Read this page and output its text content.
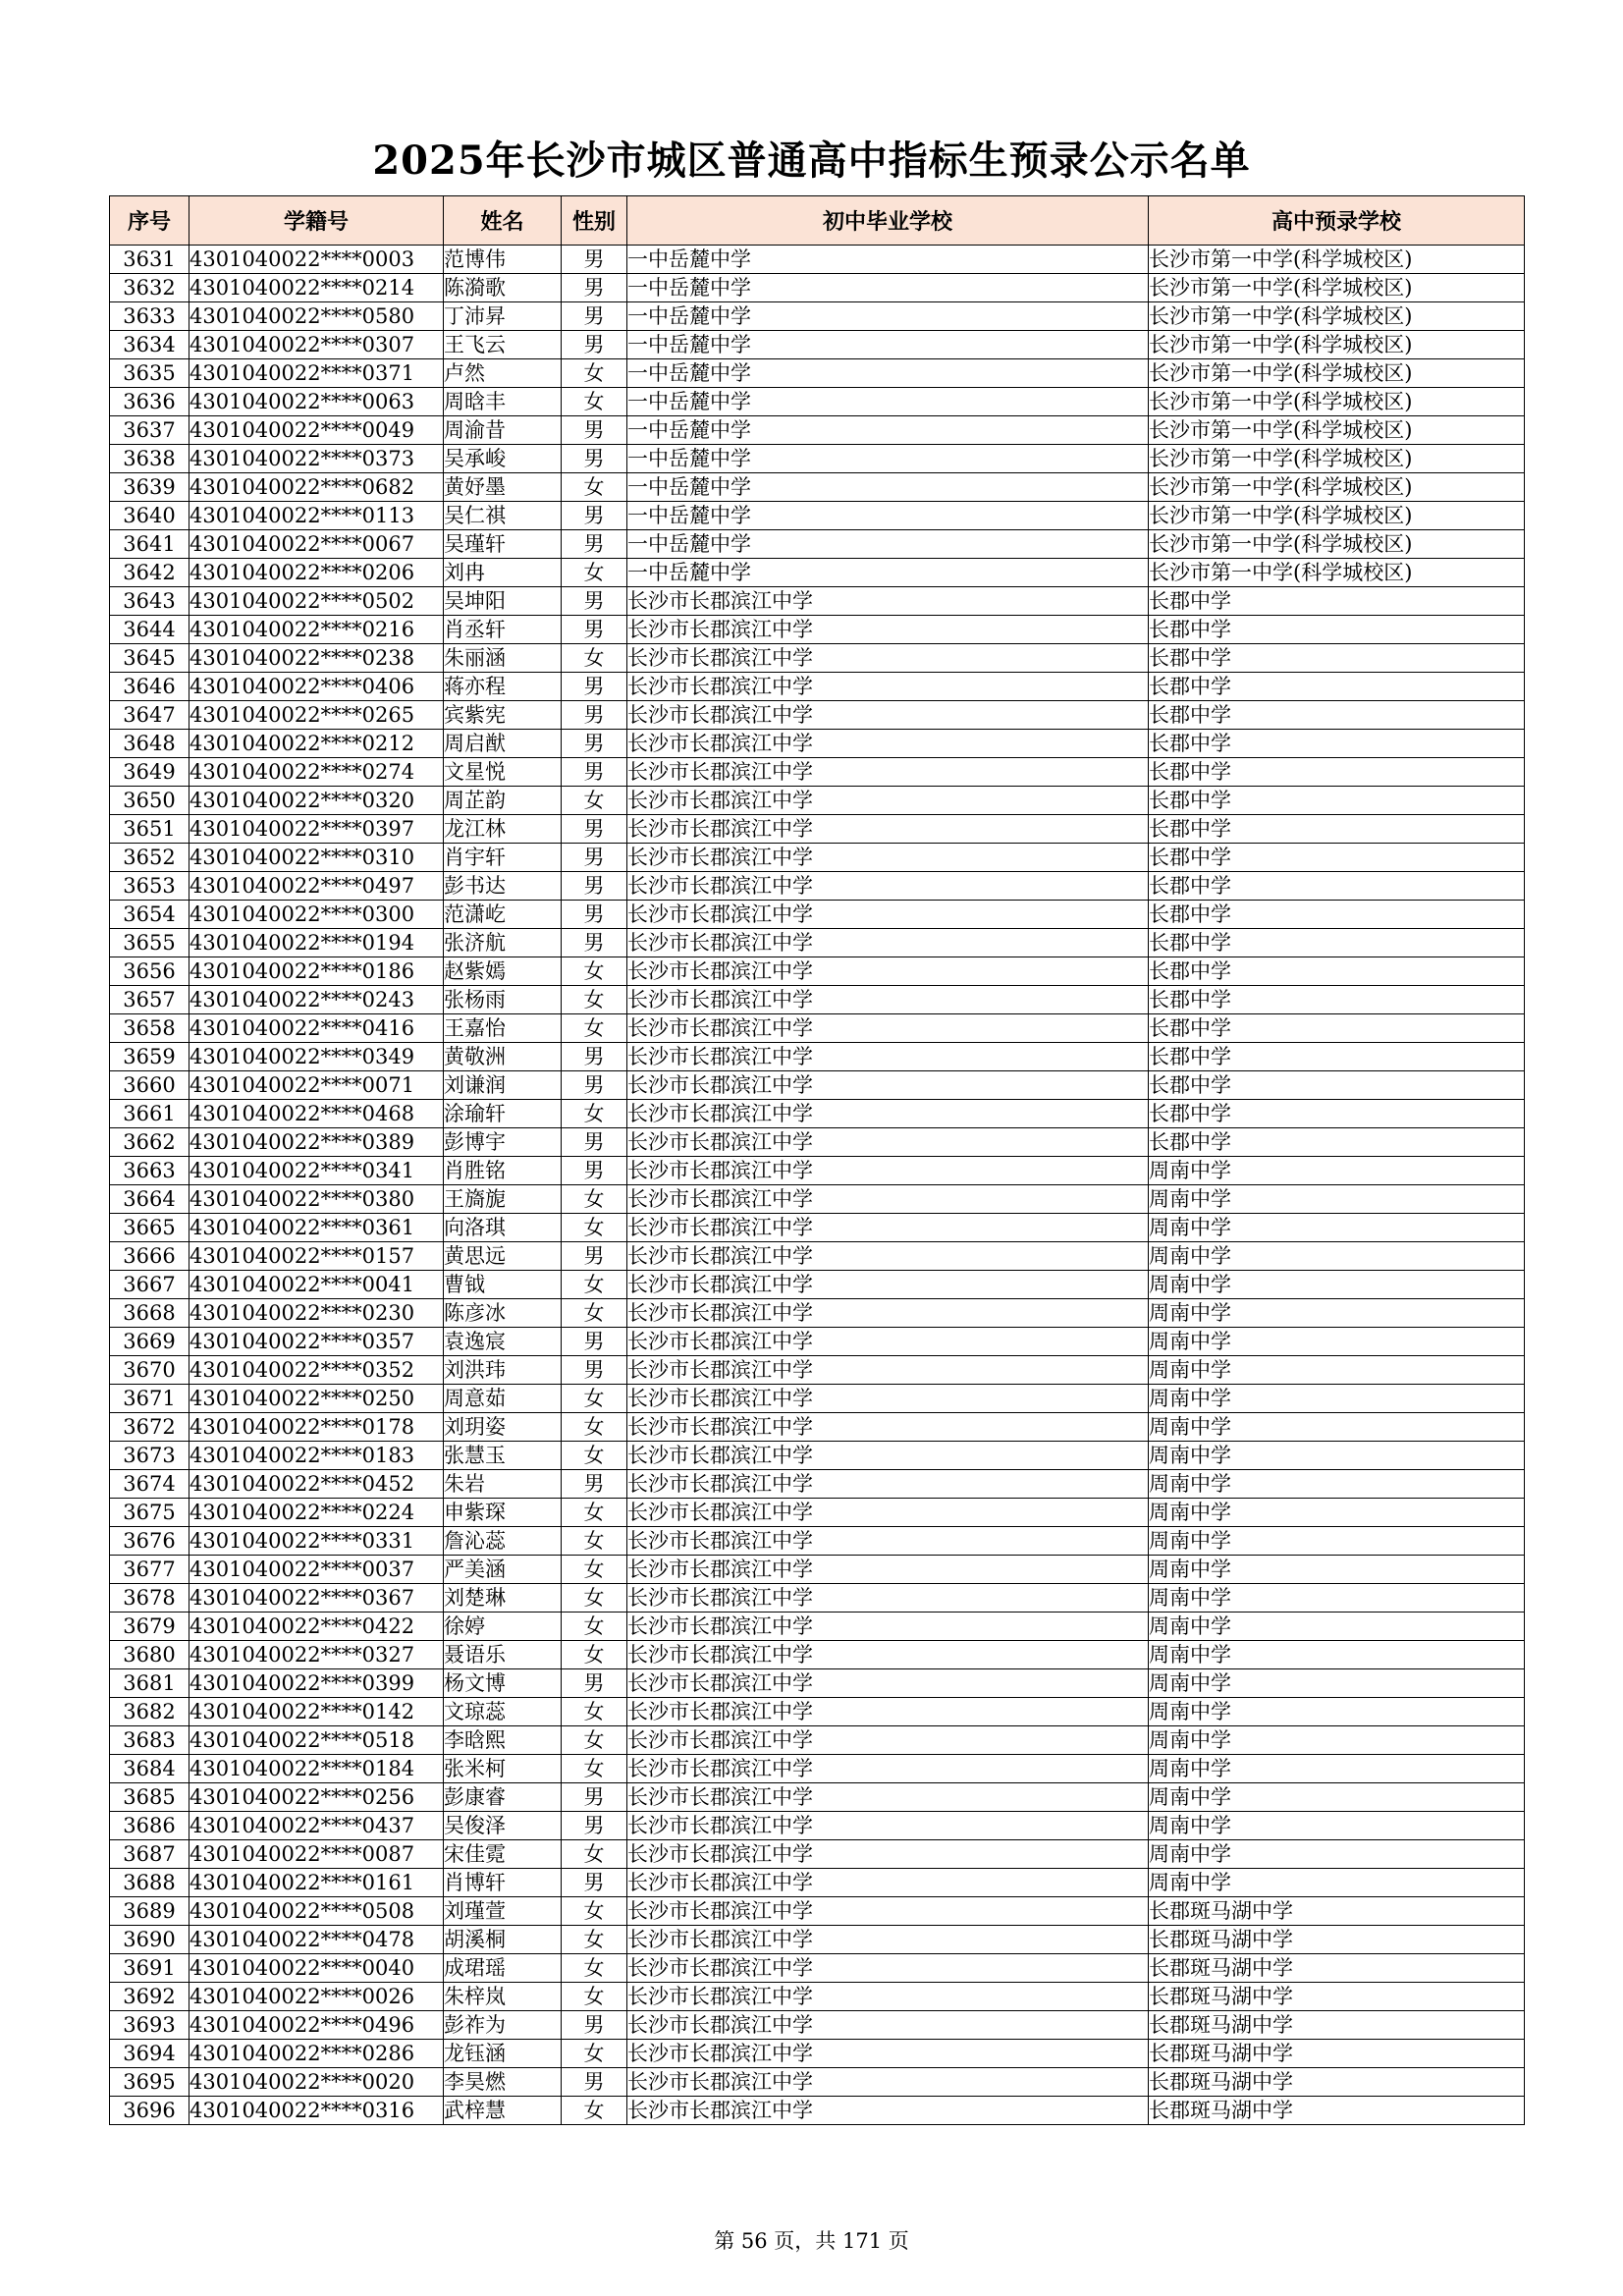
2025年长沙市城区普通高中指标生预录公示名单
序号	学籍号	姓名	性别	初中毕业学校	高中预录学校
3631	4301040022****0003	范博伟	男	一中岳麓中学	长沙市第一中学(科学城校区)
3632	4301040022****0214	陈漪歌	男	一中岳麓中学	长沙市第一中学(科学城校区)
3633	4301040022****0580	丁沛昇	男	一中岳麓中学	长沙市第一中学(科学城校区)
3634	4301040022****0307	王飞云	男	一中岳麓中学	长沙市第一中学(科学城校区)
3635	4301040022****0371	卢然	女	一中岳麓中学	长沙市第一中学(科学城校区)
3636	4301040022****0063	周晗丰	女	一中岳麓中学	长沙市第一中学(科学城校区)
3637	4301040022****0049	周渝昔	男	一中岳麓中学	长沙市第一中学(科学城校区)
3638	4301040022****0373	吴承峻	男	一中岳麓中学	长沙市第一中学(科学城校区)
3639	4301040022****0682	黄妤墨	女	一中岳麓中学	长沙市第一中学(科学城校区)
3640	4301040022****0113	吴仁祺	男	一中岳麓中学	长沙市第一中学(科学城校区)
3641	4301040022****0067	吴瑾轩	男	一中岳麓中学	长沙市第一中学(科学城校区)
3642	4301040022****0206	刘冉	女	一中岳麓中学	长沙市第一中学(科学城校区)
3643	4301040022****0502	吴坤阳	男	长沙市长郡滨江中学	长郡中学
3644	4301040022****0216	肖丞轩	男	长沙市长郡滨江中学	长郡中学
3645	4301040022****0238	朱丽涵	女	长沙市长郡滨江中学	长郡中学
3646	4301040022****0406	蒋亦程	男	长沙市长郡滨江中学	长郡中学
3647	4301040022****0265	宾紫宪	男	长沙市长郡滨江中学	长郡中学
3648	4301040022****0212	周启猷	男	长沙市长郡滨江中学	长郡中学
3649	4301040022****0274	文星悦	男	长沙市长郡滨江中学	长郡中学
3650	4301040022****0320	周芷韵	女	长沙市长郡滨江中学	长郡中学
3651	4301040022****0397	龙江林	男	长沙市长郡滨江中学	长郡中学
3652	4301040022****0310	肖宇轩	男	长沙市长郡滨江中学	长郡中学
3653	4301040022****0497	彭书达	男	长沙市长郡滨江中学	长郡中学
3654	4301040022****0300	范潇屹	男	长沙市长郡滨江中学	长郡中学
3655	4301040022****0194	张济航	男	长沙市长郡滨江中学	长郡中学
3656	4301040022****0186	赵紫嫣	女	长沙市长郡滨江中学	长郡中学
3657	4301040022****0243	张杨雨	女	长沙市长郡滨江中学	长郡中学
3658	4301040022****0416	王嘉怡	女	长沙市长郡滨江中学	长郡中学
3659	4301040022****0349	黄敬洲	男	长沙市长郡滨江中学	长郡中学
3660	4301040022****0071	刘谦润	男	长沙市长郡滨江中学	长郡中学
3661	4301040022****0468	涂瑜轩	女	长沙市长郡滨江中学	长郡中学
3662	4301040022****0389	彭博宇	男	长沙市长郡滨江中学	长郡中学
3663	4301040022****0341	肖胜铭	男	长沙市长郡滨江中学	周南中学
3664	4301040022****0380	王旖旎	女	长沙市长郡滨江中学	周南中学
3665	4301040022****0361	向洛琪	女	长沙市长郡滨江中学	周南中学
3666	4301040022****0157	黄思远	男	长沙市长郡滨江中学	周南中学
3667	4301040022****0041	曹钺	女	长沙市长郡滨江中学	周南中学
3668	4301040022****0230	陈彦冰	女	长沙市长郡滨江中学	周南中学
3669	4301040022****0357	袁逸宸	男	长沙市长郡滨江中学	周南中学
3670	4301040022****0352	刘洪玮	男	长沙市长郡滨江中学	周南中学
3671	4301040022****0250	周意茹	女	长沙市长郡滨江中学	周南中学
3672	4301040022****0178	刘玥姿	女	长沙市长郡滨江中学	周南中学
3673	4301040022****0183	张慧玉	女	长沙市长郡滨江中学	周南中学
3674	4301040022****0452	朱岩	男	长沙市长郡滨江中学	周南中学
3675	4301040022****0224	申紫琛	女	长沙市长郡滨江中学	周南中学
3676	4301040022****0331	詹沁蕊	女	长沙市长郡滨江中学	周南中学
3677	4301040022****0037	严美涵	女	长沙市长郡滨江中学	周南中学
3678	4301040022****0367	刘楚琳	女	长沙市长郡滨江中学	周南中学
3679	4301040022****0422	徐婷	女	长沙市长郡滨江中学	周南中学
3680	4301040022****0327	聂语乐	女	长沙市长郡滨江中学	周南中学
3681	4301040022****0399	杨文博	男	长沙市长郡滨江中学	周南中学
3682	4301040022****0142	文琼蕊	女	长沙市长郡滨江中学	周南中学
3683	4301040022****0518	李晗熙	女	长沙市长郡滨江中学	周南中学
3684	4301040022****0184	张米柯	女	长沙市长郡滨江中学	周南中学
3685	4301040022****0256	彭康睿	男	长沙市长郡滨江中学	周南中学
3686	4301040022****0437	吴俊泽	男	长沙市长郡滨江中学	周南中学
3687	4301040022****0087	宋佳霓	女	长沙市长郡滨江中学	周南中学
3688	4301040022****0161	肖博轩	男	长沙市长郡滨江中学	周南中学
3689	4301040022****0508	刘瑾萱	女	长沙市长郡滨江中学	长郡斑马湖中学
3690	4301040022****0478	胡溪桐	女	长沙市长郡滨江中学	长郡斑马湖中学
3691	4301040022****0040	成珺瑶	女	长沙市长郡滨江中学	长郡斑马湖中学
3692	4301040022****0026	朱梓岚	女	长沙市长郡滨江中学	长郡斑马湖中学
3693	4301040022****0496	彭祚为	男	长沙市长郡滨江中学	长郡斑马湖中学
3694	4301040022****0286	龙钰涵	女	长沙市长郡滨江中学	长郡斑马湖中学
3695	4301040022****0020	李昊燃	男	长沙市长郡滨江中学	长郡斑马湖中学
3696	4301040022****0316	武梓慧	女	长沙市长郡滨江中学	长郡斑马湖中学
第 56 页，共 171 页
